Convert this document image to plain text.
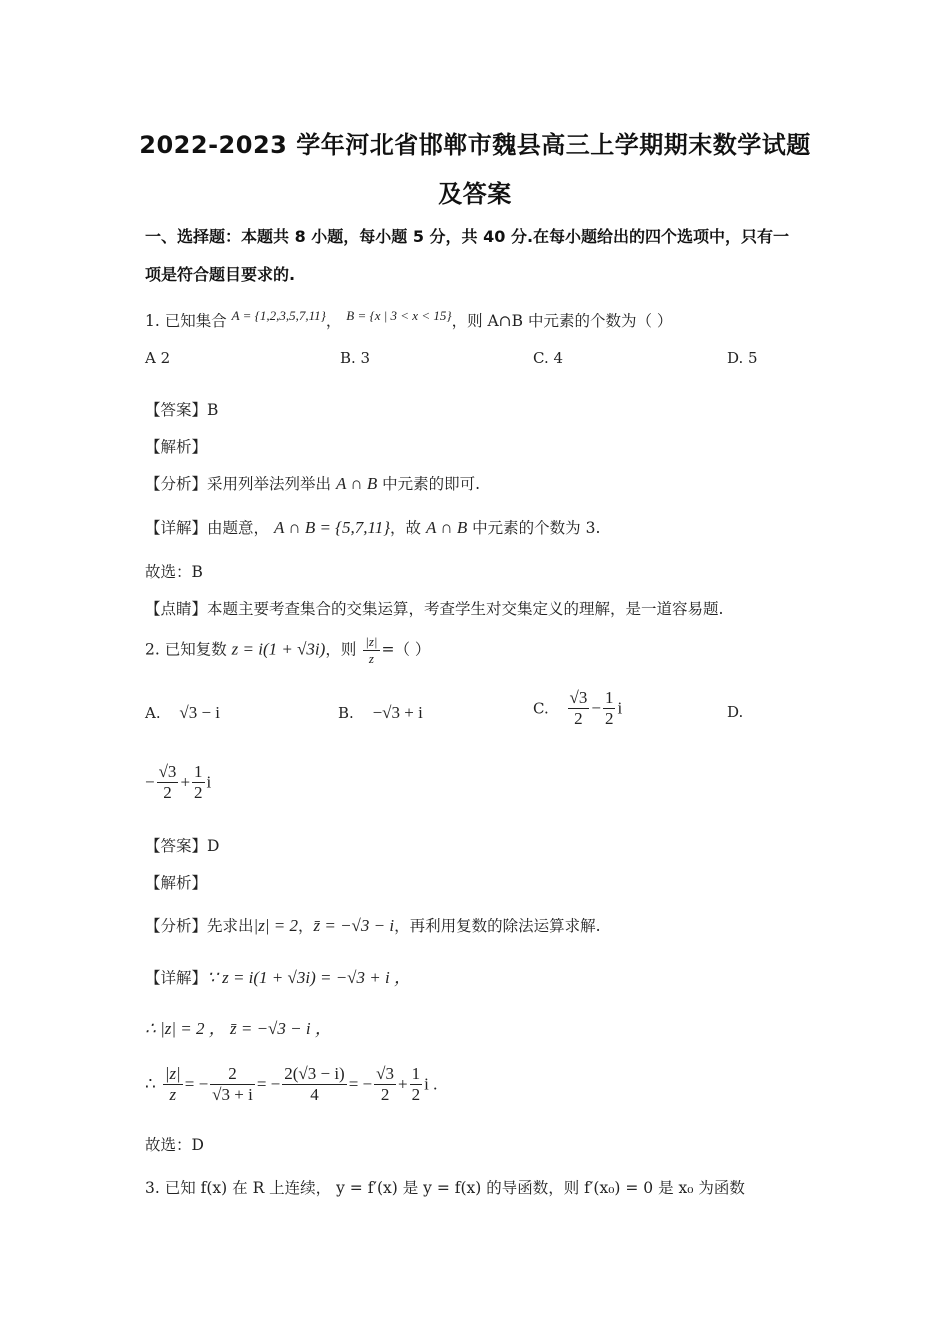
2022-2023 学年河北省邯郸市魏县高三上学期期末数学试题
及答案
一、选择题：本题共 8 小题，每小题 5 分，共 40 分.在每小题给出的四个选项中，只有一
项是符合题目要求的.
1. 已知集合 $^{A = \{1,2,3,5,7,11\}}$， $^{B = \{x | 3 < x < 15\}}$，则 A∩B 中元素的个数为（ ）
A 2	B. 3	C. 4	D. 5
【答案】B
【解析】
【分析】采用列举法列举出 A ∩ B 中元素的即可.
【详解】由题意， A ∩ B = {5,7,11}，故 A ∩ B 中元素的个数为 3.
故选：B
【点睛】本题主要考查集合的交集运算，考查学生对交集定义的理解，是一道容易题.
2. 已知复数 z = i(1 + √3i)，则 $\frac{|z|}{z}$ =（ ）
A. √3 − i	B. −√3 + i	C. $\frac{√3}{2} - \frac{1}{2}$ i	D.
− $\frac{√3}{2} + \frac{1}{2}$ i
【答案】D
【解析】
【分析】先求出|z| = 2，z̄ = −√3 − i，再利用复数的除法运算求解.
【详解】∵ z = i(1 + √3i) = −√3 + i ，
∴ |z| = 2 ， z̄ = −√3 − i ，
∴ $\frac{|z|}{z}$ = − $\frac{2}{√3 + i}$ = − $\frac{2(√3 - i)}{4}$ = − $\frac{√3}{2} + \frac{1}{2}$ i .
故选：D
3. 已知 f(x) 在 R 上连续， y = f′(x) 是 y = f(x) 的导函数，则 f′(x₀) = 0 是 x₀ 为函数
